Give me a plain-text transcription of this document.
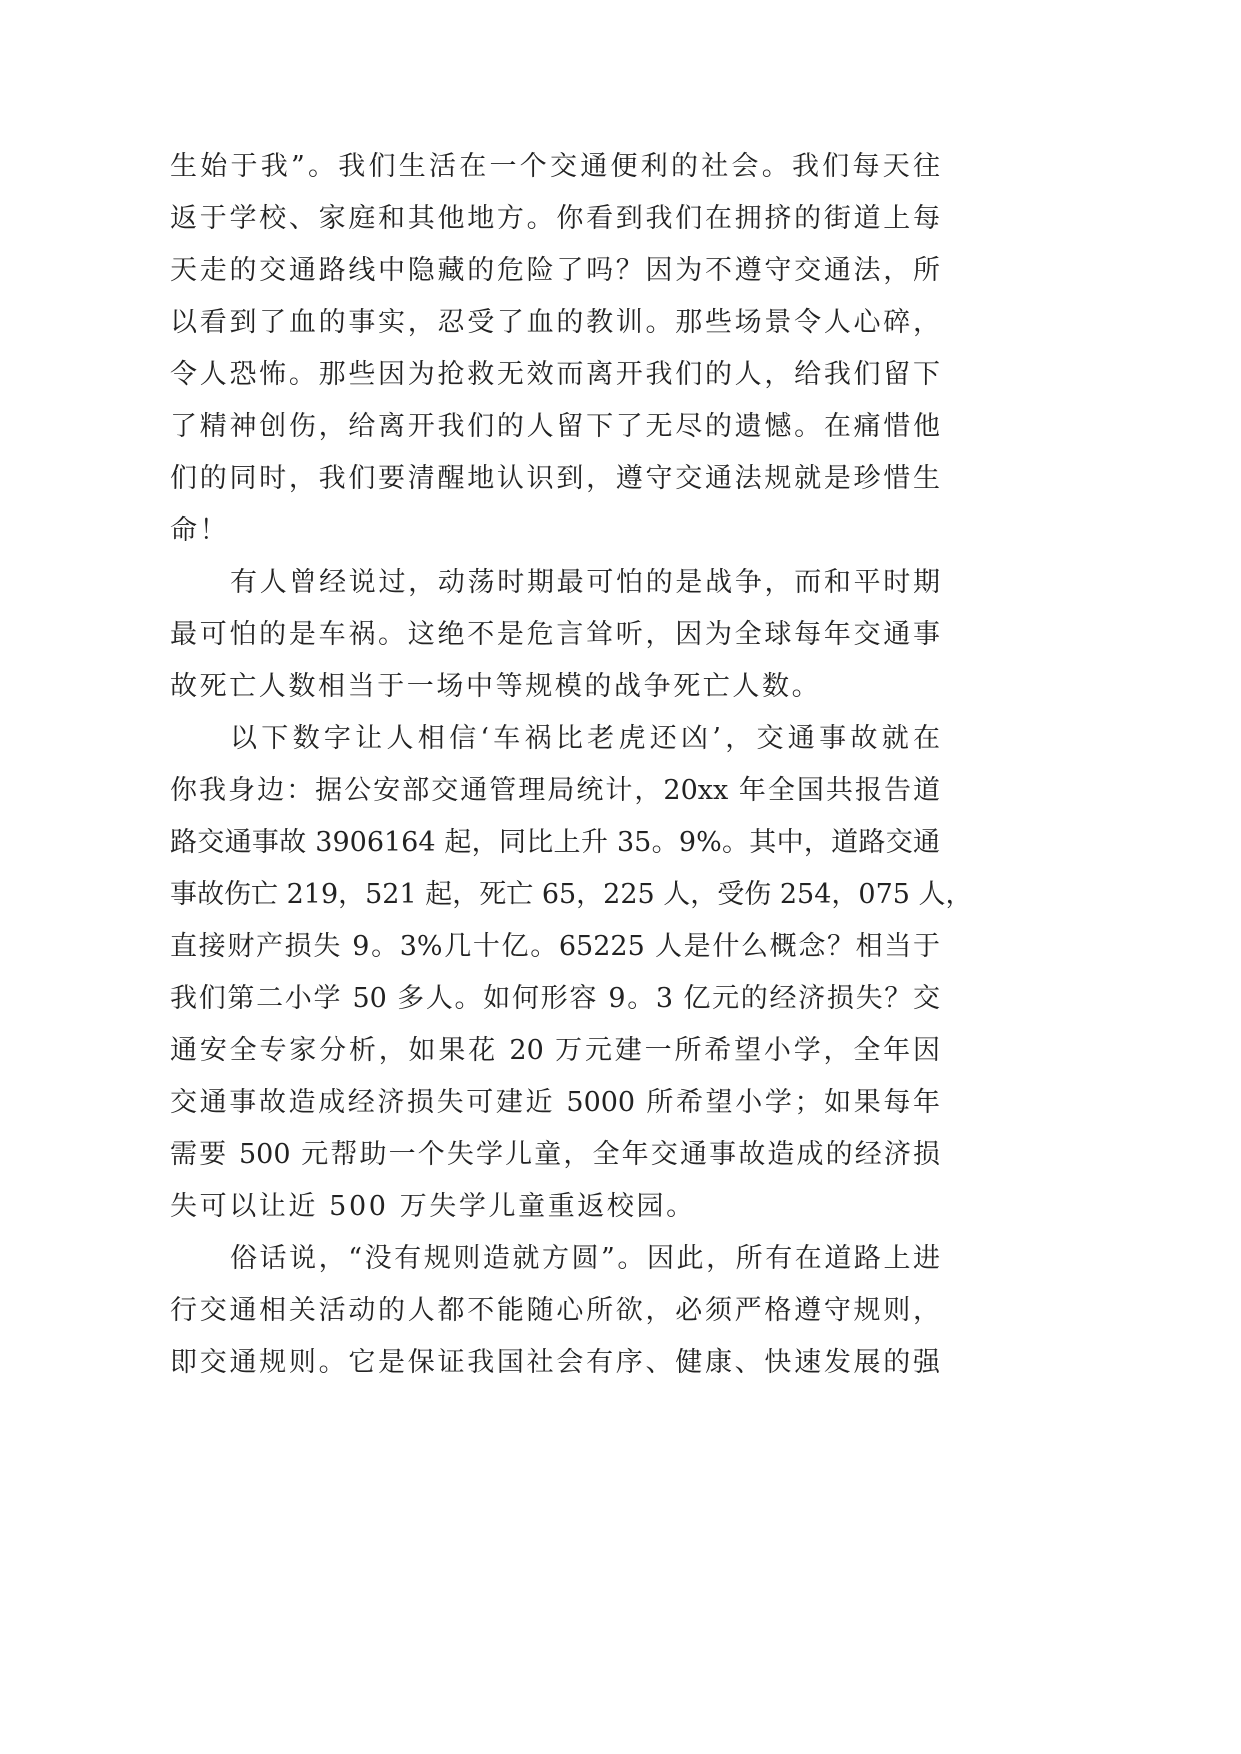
生始于我”。我们生活在一个交通便利的社会。我们每天往
返于学校、家庭和其他地方。你看到我们在拥挤的街道上每
天走的交通路线中隐藏的危险了吗？因为不遵守交通法，所
以看到了血的事实，忍受了血的教训。那些场景令人心碎，
令人恐怖。那些因为抢救无效而离开我们的人，给我们留下
了精神创伤，给离开我们的人留下了无尽的遗憾。在痛惜他
们的同时，我们要清醒地认识到，遵守交通法规就是珍惜生
命！
有人曾经说过，动荡时期最可怕的是战争，而和平时期
最可怕的是车祸。这绝不是危言耸听，因为全球每年交通事
故死亡人数相当于一场中等规模的战争死亡人数。
以下数字让人相信‘车祸比老虎还凶’，交通事故就在
你我身边：据公安部交通管理局统计，20xx 年全国共报告道
路交通事故 3906164 起，同比上升 35。9%。其中，道路交通
事故伤亡 219，521 起，死亡 65，225 人，受伤 254，075 人，
直接财产损失 9。3%几十亿。65225 人是什么概念？相当于
我们第二小学 50 多人。如何形容 9。3 亿元的经济损失？交
通安全专家分析，如果花 20 万元建一所希望小学，全年因
交通事故造成经济损失可建近 5000 所希望小学；如果每年
需要 500 元帮助一个失学儿童，全年交通事故造成的经济损
失可以让近 500 万失学儿童重返校园。
俗话说，“没有规则造就方圆”。因此，所有在道路上进
行交通相关活动的人都不能随心所欲，必须严格遵守规则，
即交通规则。它是保证我国社会有序、健康、快速发展的强
